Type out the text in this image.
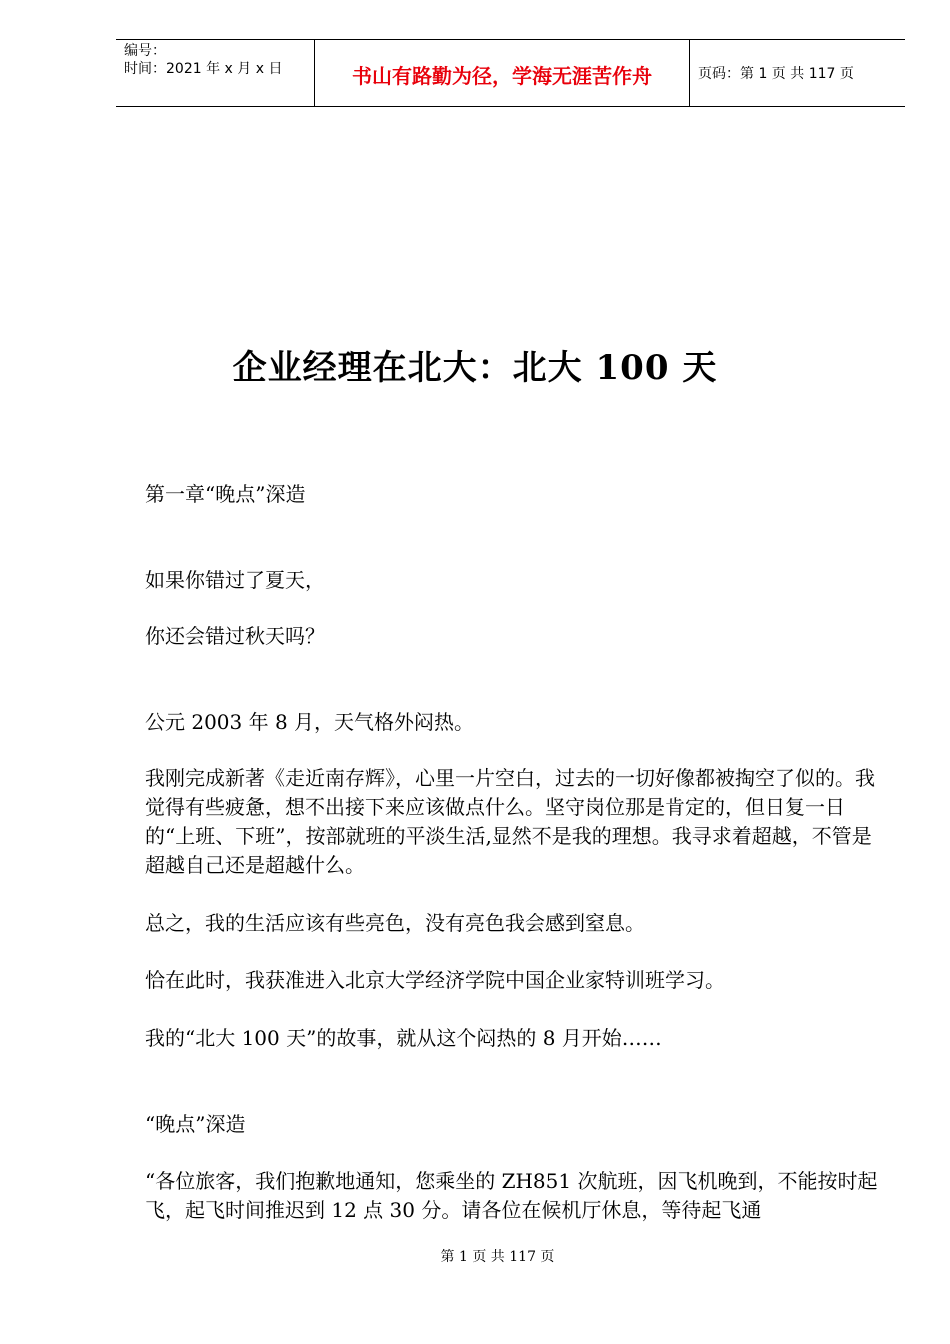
编号：
时间：2021 年 x 月 x 日	书山有路勤为径，学海无涯苦作舟	页码：第 1 页 共 117 页
企业经理在北大：北大 100 天

第一章“晚点”深造

如果你错过了夏天，

你还会错过秋天吗？

公元 2003 年 8 月，天气格外闷热。

我刚完成新著《走近南存辉》，心里一片空白，过去的一切好像都被掏空了似的。我觉得有些疲惫，想不出接下来应该做点什么。坚守岗位那是肯定的，但日复一日的“上班、下班”，按部就班的平淡生活,显然不是我的理想。我寻求着超越，不管是超越自己还是超越什么。

总之，我的生活应该有些亮色，没有亮色我会感到窒息。

恰在此时，我获准进入北京大学经济学院中国企业家特训班学习。

我的“北大 100 天”的故事，就从这个闷热的 8 月开始……

“晚点”深造

“各位旅客，我们抱歉地通知，您乘坐的 ZH851 次航班，因飞机晚到，不能按时起飞，起飞时间推迟到 12 点 30 分。请各位在候机厅休息，等待起飞通

第 1 页 共 117 页
